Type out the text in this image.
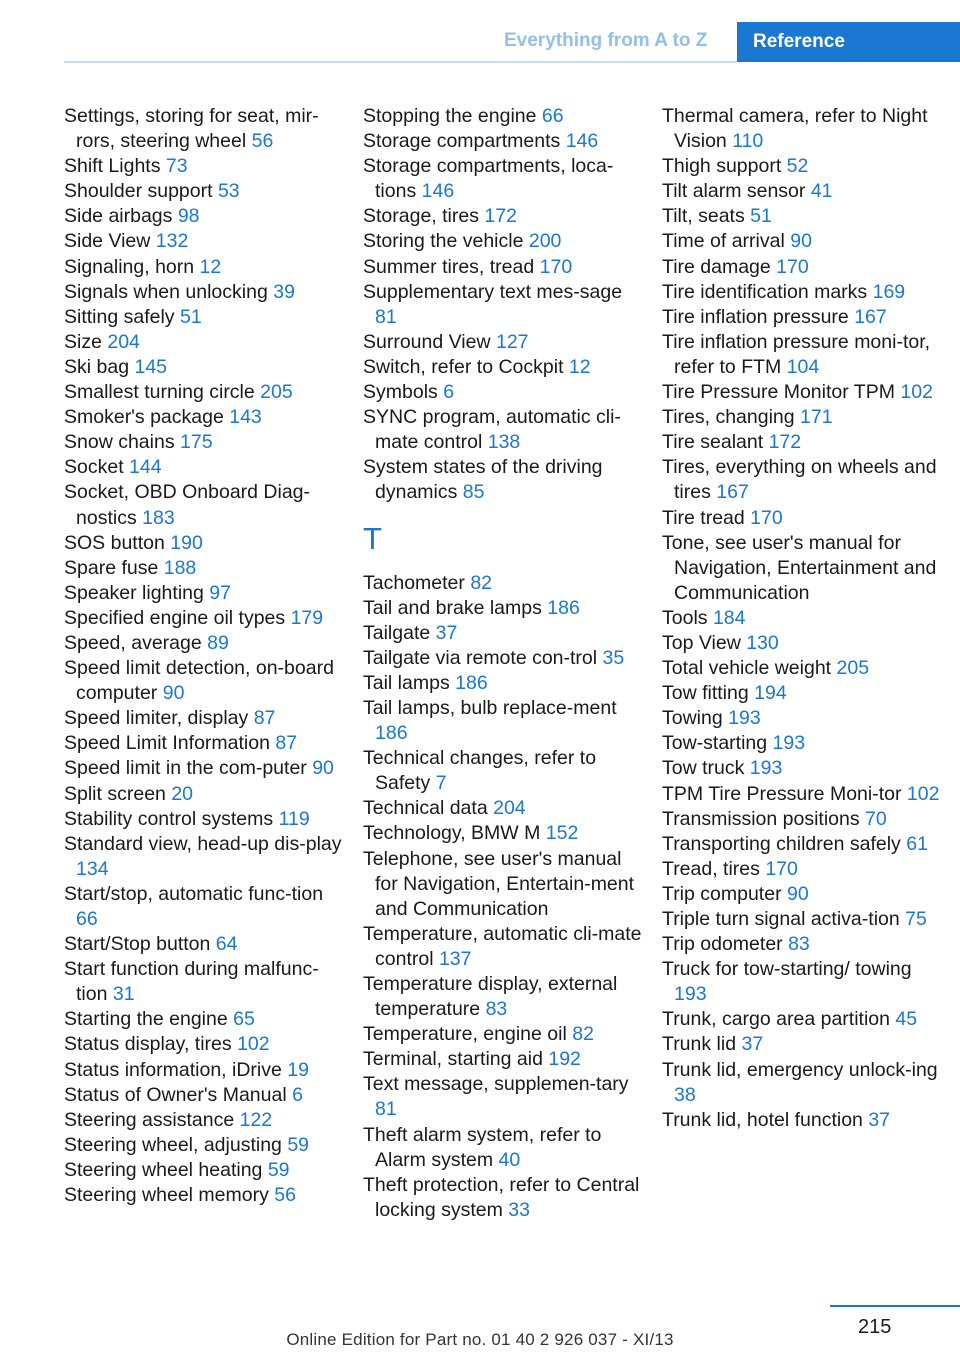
Everything from A to Z Reference
Settings, storing for seat, mir-rors, steering wheel 56
Shift Lights 73
Shoulder support 53
Side airbags 98
Side View 132
Signaling, horn 12
Signals when unlocking 39
Sitting safely 51
Size 204
Ski bag 145
Smallest turning circle 205
Smoker's package 143
Snow chains 175
Socket 144
Socket, OBD Onboard Diag-nostics 183
SOS button 190
Spare fuse 188
Speaker lighting 97
Specified engine oil types 179
Speed, average 89
Speed limit detection, on-board computer 90
Speed limiter, display 87
Speed Limit Information 87
Speed limit in the com-puter 90
Split screen 20
Stability control systems 119
Standard view, head-up dis-play 134
Start/stop, automatic func-tion 66
Start/Stop button 64
Start function during malfunc-tion 31
Starting the engine 65
Status display, tires 102
Status information, iDrive 19
Status of Owner's Manual 6
Steering assistance 122
Steering wheel, adjusting 59
Steering wheel heating 59
Steering wheel memory 56
Stopping the engine 66
Storage compartments 146
Storage compartments, loca-tions 146
Storage, tires 172
Storing the vehicle 200
Summer tires, tread 170
Supplementary text mes-sage 81
Surround View 127
Switch, refer to Cockpit 12
Symbols 6
SYNC program, automatic cli-mate control 138
System states of the driving dynamics 85
T
Tachometer 82
Tail and brake lamps 186
Tailgate 37
Tailgate via remote con-trol 35
Tail lamps 186
Tail lamps, bulb replace-ment 186
Technical changes, refer to Safety 7
Technical data 204
Technology, BMW M 152
Telephone, see user's manual for Navigation, Entertain-ment and Communication
Temperature, automatic cli-mate control 137
Temperature display, external temperature 83
Temperature, engine oil 82
Terminal, starting aid 192
Text message, supplemen-tary 81
Theft alarm system, refer to Alarm system 40
Theft protection, refer to Central locking system 33
Thermal camera, refer to Night Vision 110
Thigh support 52
Tilt alarm sensor 41
Tilt, seats 51
Time of arrival 90
Tire damage 170
Tire identification marks 169
Tire inflation pressure 167
Tire inflation pressure moni-tor, refer to FTM 104
Tire Pressure Monitor TPM 102
Tires, changing 171
Tire sealant 172
Tires, everything on wheels and tires 167
Tire tread 170
Tone, see user's manual for Navigation, Entertainment and Communication
Tools 184
Top View 130
Total vehicle weight 205
Tow fitting 194
Towing 193
Tow-starting 193
Tow truck 193
TPM Tire Pressure Moni-tor 102
Transmission positions 70
Transporting children safely 61
Tread, tires 170
Trip computer 90
Triple turn signal activa-tion 75
Trip odometer 83
Truck for tow-starting/ towing 193
Trunk, cargo area partition 45
Trunk lid 37
Trunk lid, emergency unlock-ing 38
Trunk lid, hotel function 37
215
Online Edition for Part no. 01 40 2 926 037 - XI/13
